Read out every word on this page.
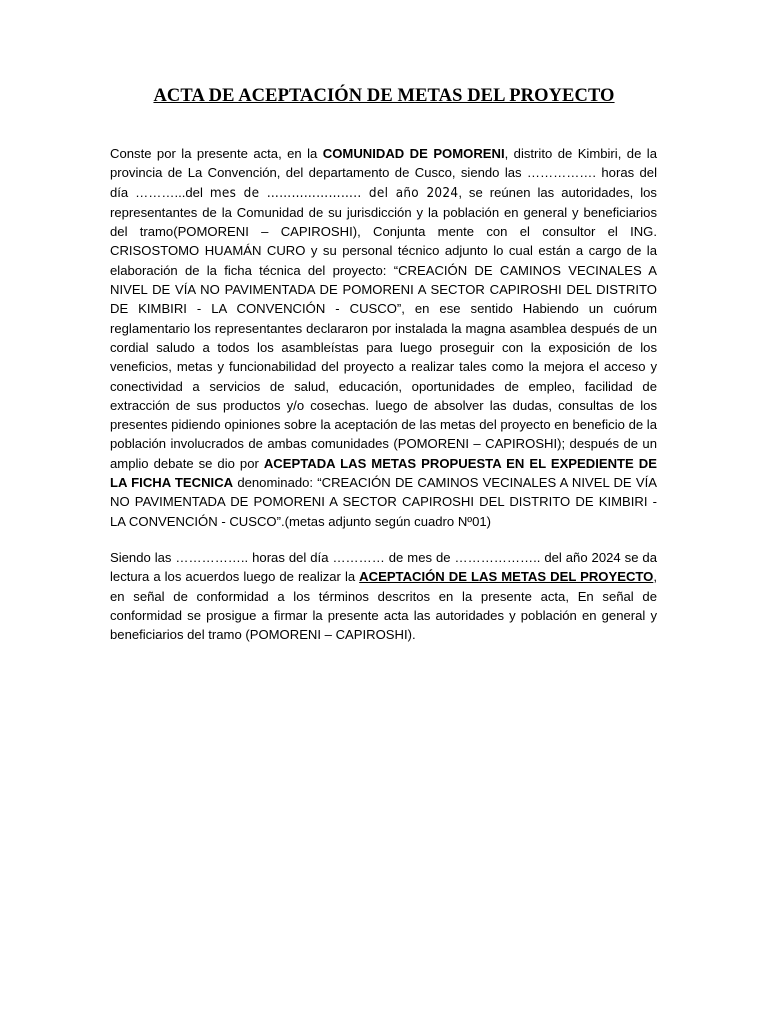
ACTA DE ACEPTACIÓN DE METAS DEL PROYECTO

Conste por la presente acta, en la COMUNIDAD DE POMORENI, distrito de Kimbiri, de la provincia de La Convención, del departamento de Cusco, siendo las ……………. horas del día ………...del mes de ………………….. del año 2024, se reúnen las autoridades, los representantes de la Comunidad de su jurisdicción y la población en general y beneficiarios del tramo(POMORENI – CAPIROSHI), Conjunta mente con el consultor el ING. CRISOSTOMO HUAMÁN CURO y su personal técnico adjunto lo cual están a cargo de la elaboración de la ficha técnica del proyecto: “CREACIÓN DE CAMINOS VECINALES A NIVEL DE VÍA NO PAVIMENTADA DE POMORENI A SECTOR CAPIROSHI DEL DISTRITO DE KIMBIRI - LA CONVENCIÓN - CUSCO”, en ese sentido Habiendo un cuórum reglamentario los representantes declararon por instalada la magna asamblea después de un cordial saludo a todos los asambleístas para luego proseguir con la exposición de los veneficios, metas y funcionabilidad del proyecto a realizar tales como la mejora el acceso y conectividad a servicios de salud, educación, oportunidades de empleo, facilidad de extracción de sus productos y/o cosechas. luego de absolver las dudas, consultas de los presentes pidiendo opiniones sobre la aceptación de las metas del proyecto en beneficio de la población involucrados de ambas comunidades (POMORENI – CAPIROSHI); después de un amplio debate se dio por ACEPTADA LAS METAS PROPUESTA EN EL EXPEDIENTE DE LA FICHA TECNICA denominado: “CREACIÓN DE CAMINOS VECINALES A NIVEL DE VÍA NO PAVIMENTADA DE POMORENI A SECTOR CAPIROSHI DEL DISTRITO DE KIMBIRI - LA CONVENCIÓN - CUSCO”.(metas adjunto según cuadro Nº01)

Siendo las …………….. horas del día ………… de mes de ……………….. del año 2024 se da lectura a los acuerdos luego de realizar la ACEPTACIÓN DE LAS METAS DEL PROYECTO, en señal de conformidad a los términos descritos en la presente acta, En señal de conformidad se prosigue a firmar la presente acta las autoridades y población en general y beneficiarios del tramo (POMORENI – CAPIROSHI).
